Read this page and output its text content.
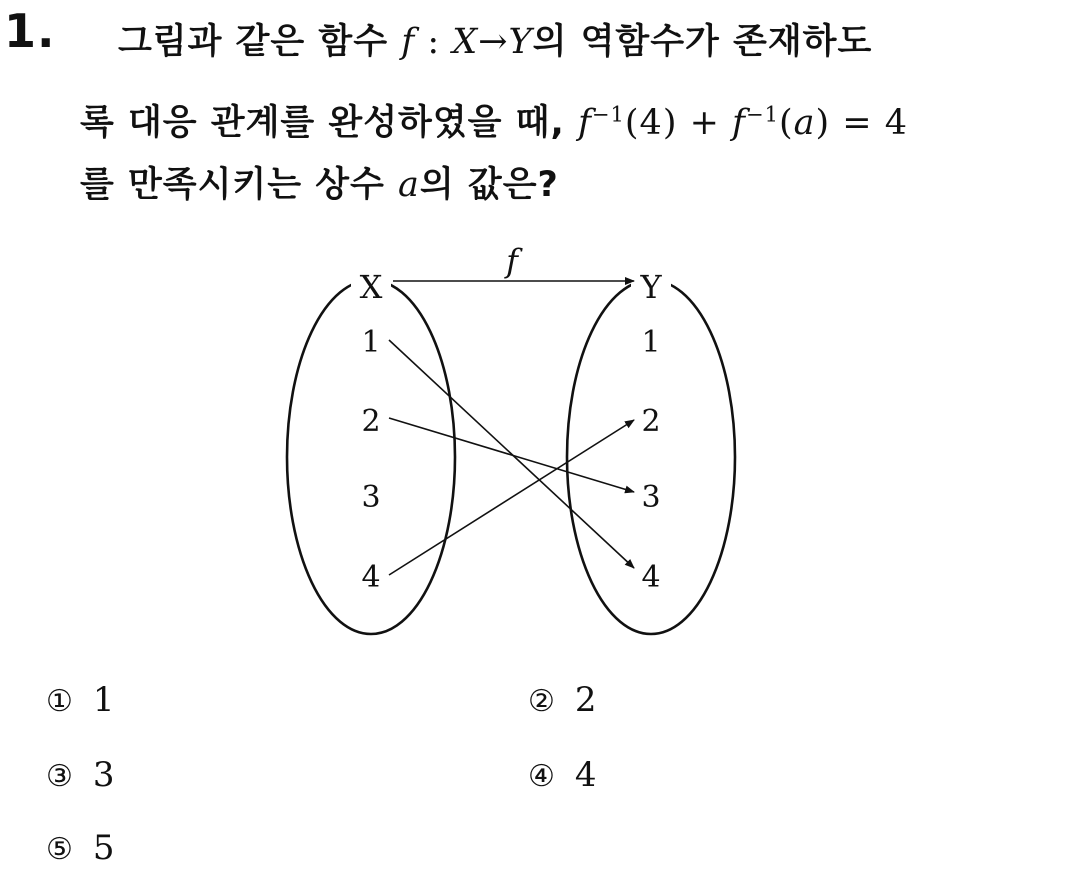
1. 그림과 같은 함수 f : X→Y의 역함수가 존재하도
록 대응 관계를 완성하였을 때, $f^{-1}(4) + f^{-1}(a) = 4$
를 만족시키는 상수 a의 값은?
f
X	Y
1
2
3
4
1
2
3
4
① 1	② 2
③ 3	④ 4
⑤ 5
